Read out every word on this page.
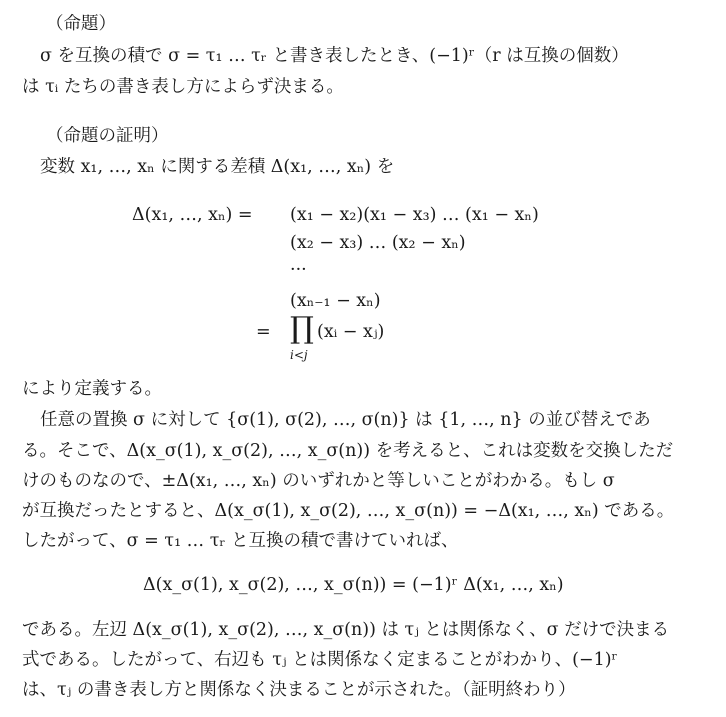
（命題）
σ を互換の積で σ = τ₁ … τᵣ と書き表したとき、(−1)ʳ（r は互換の個数）
は τᵢ たちの書き表し方によらず決まる。
（命題の証明）
変数 x₁, …, xₙ に関する差積 Δ(x₁, …, xₙ) を
Δ(x₁, …, xₙ) = (x₁ − x₂)(x₁ − x₃) … (x₁ − xₙ)
(x₂ − x₃) … (x₂ − xₙ)
···
(xₙ₋₁ − xₙ)
= ∏ (xᵢ − xⱼ)
i<j
により定義する。
任意の置換 σ に対して {σ(1), σ(2), …, σ(n)} は {1, …, n} の並び替えであ
る。そこで、Δ(x_σ(1), x_σ(2), …, x_σ(n)) を考えると、これは変数を交換しただ
けのものなので、±Δ(x₁, …, xₙ) のいずれかと等しいことがわかる。もし σ
が互換だったとすると、Δ(x_σ(1), x_σ(2), …, x_σ(n)) = −Δ(x₁, …, xₙ) である。
したがって、σ = τ₁ … τᵣ と互換の積で書けていれば、
Δ(x_σ(1), x_σ(2), …, x_σ(n)) = (−1)ʳ Δ(x₁, …, xₙ)
である。左辺 Δ(x_σ(1), x_σ(2), …, x_σ(n)) は τⱼ とは関係なく、σ だけで決まる
式である。したがって、右辺も τⱼ とは関係なく定まることがわかり、(−1)ʳ
は、τⱼ の書き表し方と関係なく決まることが示された。（証明終わり）
